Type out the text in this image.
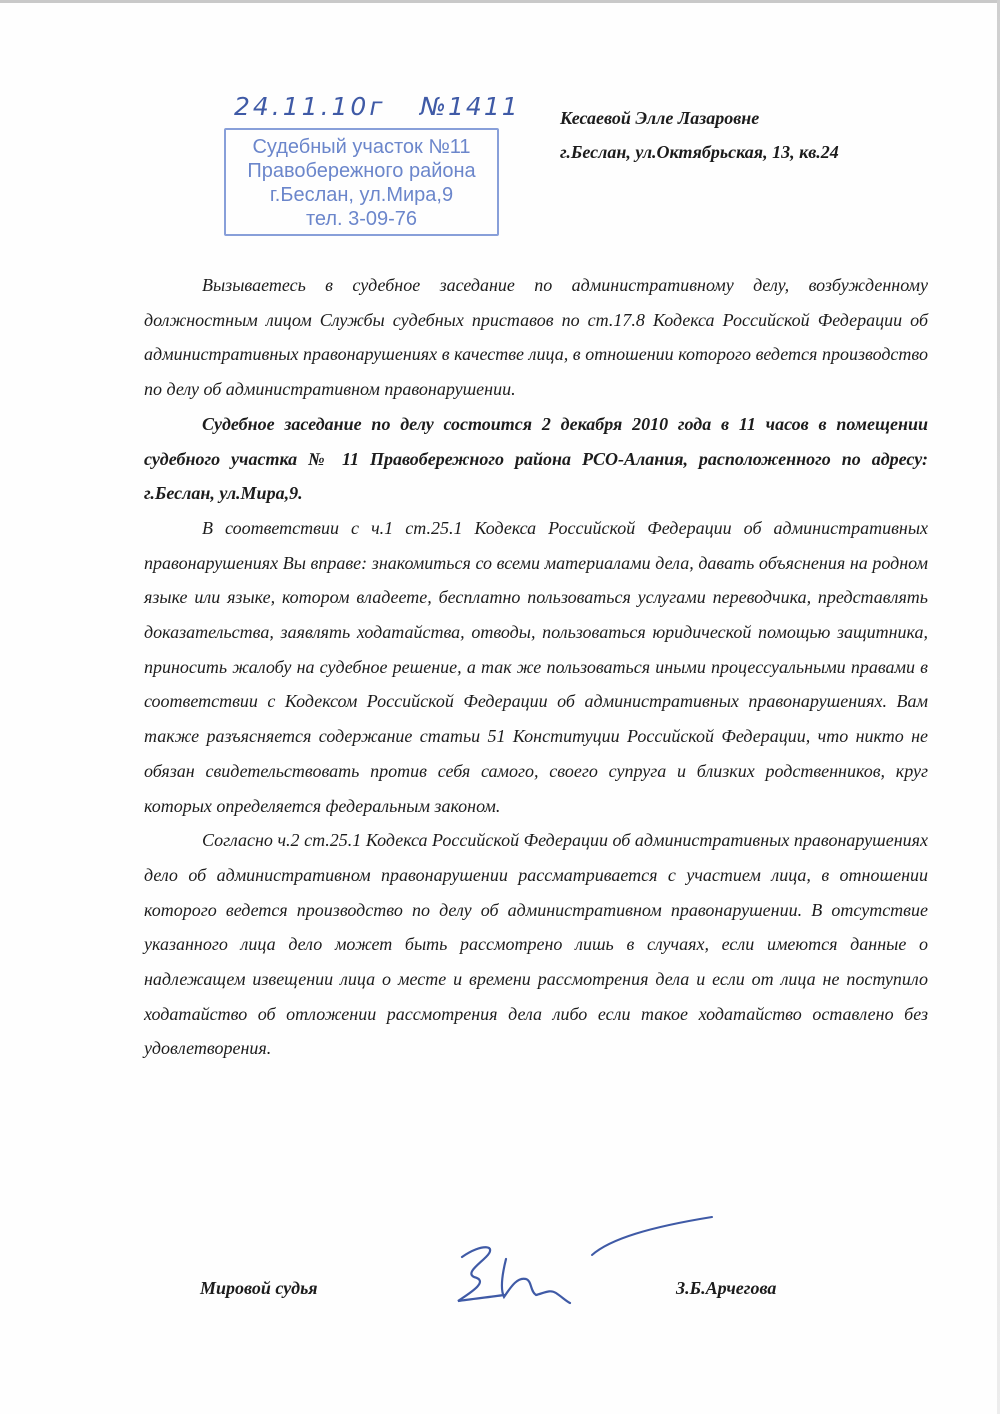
24.11.10г №1411
Судебный участок №11
Правобережного района
г.Беслан, ул.Мира,9
тел. 3-09-76
Кесаевой Элле Лазаровне
г.Беслан, ул.Октябрьская, 13, кв.24

Вызываетесь в судебное заседание по административному делу, возбужденному должностным лицом Службы судебных приставов по ст.17.8 Кодекса Российской Федерации об административных правонарушениях в качестве лица, в отношении которого ведется производство по делу об административном правонарушении.

Судебное заседание по делу состоится 2 декабря 2010 года в 11 часов в помещении судебного участка № 11 Правобережного района РСО-Алания, расположенного по адресу: г.Беслан, ул.Мира,9.

В соответствии с ч.1 ст.25.1 Кодекса Российской Федерации об административных правонарушениях Вы вправе: знакомиться со всеми материалами дела, давать объяснения на родном языке или языке, котором владеете, бесплатно пользоваться услугами переводчика, представлять доказательства, заявлять ходатайства, отводы, пользоваться юридической помощью защитника, приносить жалобу на судебное решение, а так же пользоваться иными процессуальными правами в соответствии с Кодексом Российской Федерации об административных правонарушениях. Вам также разъясняется содержание статьи 51 Конституции Российской Федерации, что никто не обязан свидетельствовать против себя самого, своего супруга и близких родственников, круг которых определяется федеральным законом.

Согласно ч.2 ст.25.1 Кодекса Российской Федерации об административных правонарушениях дело об административном правонарушении рассматривается с участием лица, в отношении которого ведется производство по делу об административном правонарушении. В отсутствие указанного лица дело может быть рассмотрено лишь в случаях, если имеются данные о надлежащем извещении лица о месте и времени рассмотрения дела и если от лица не поступило ходатайство об отложении рассмотрения дела либо если такое ходатайство оставлено без удовлетворения.

Мировой судья	З.Б.Арчегова
